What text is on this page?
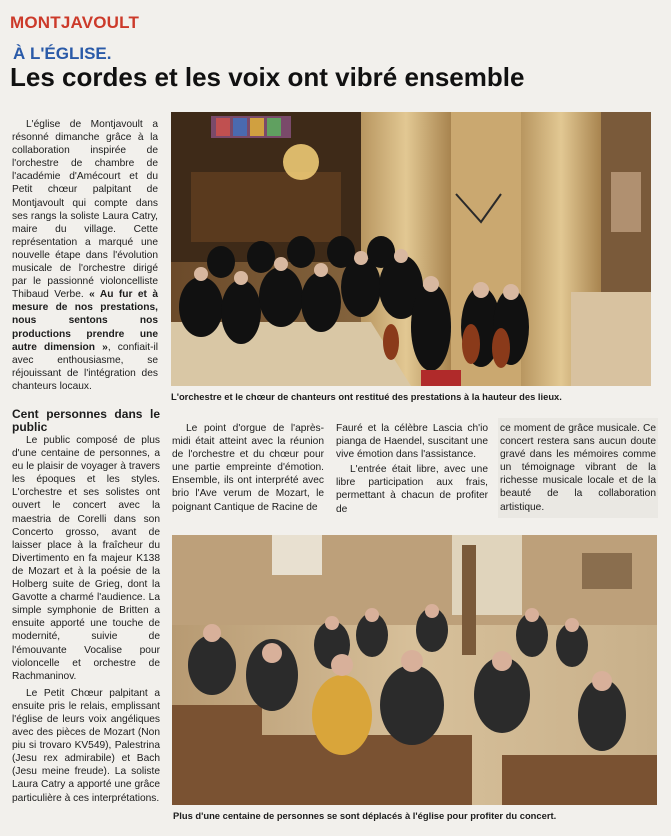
MONTJAVOULT
À L'ÉGLISE.
Les cordes et les voix ont vibré ensemble

L'église de Montjavoult a résonné dimanche grâce à la collaboration inspirée de l'orchestre de chambre de l'académie d'Amécourt et du Petit chœur palpitant de Montjavoult qui compte dans ses rangs la soliste Laura Catry, maire du village. Cette représentation a marqué une nouvelle étape dans l'évolution musicale de l'orchestre dirigé par le passionné violoncelliste Thibaud Verbe. « Au fur et à mesure de nos prestations, nous sentons nos productions prendre une autre dimension », confiait-il avec enthousiasme, se réjouissant de l'intégration des chanteurs locaux.

L'orchestre et le chœur de chanteurs ont restitué des prestations à la hauteur des lieux.

Cent personnes dans le public

Le public composé de plus d'une centaine de personnes, a eu le plaisir de voyager à travers les époques et les styles. L'orchestre et ses solistes ont ouvert le concert avec la maestria de Corelli dans son Concerto grosso, avant de laisser place à la fraîcheur du Divertimento en fa majeur K138 de Mozart et à la poésie de la Holberg suite de Grieg, dont la Gavotte a charmé l'audience. La simple symphonie de Britten a ensuite apporté une touche de modernité, suivie de l'émouvante Vocalise pour violoncelle et orchestre de Rachmaninov.

Le Petit Chœur palpitant a ensuite pris le relais, emplissant l'église de leurs voix angéliques avec des pièces de Mozart (Non piu si trovaro KV549), Palestrina (Jesu rex admirabile) et Bach (Jesu meine freude). La soliste Laura Catry a apporté une grâce particulière à ces interprétations.

Le point d'orgue de l'après-midi était atteint avec la réunion de l'orchestre et du chœur pour une partie empreinte d'émotion. Ensemble, ils ont interprété avec brio l'Ave verum de Mozart, le poignant Cantique de Racine de

Fauré et la célèbre Lascia ch'io pianga de Haendel, suscitant une vive émotion dans l'assistance.

L'entrée était libre, avec une libre participation aux frais, permettant à chacun de profiter de

ce moment de grâce musicale. Ce concert restera sans aucun doute gravé dans les mémoires comme un témoignage vibrant de la richesse musicale locale et de la beauté de la collaboration artistique.

Plus d'une centaine de personnes se sont déplacés à l'église pour profiter du concert.
